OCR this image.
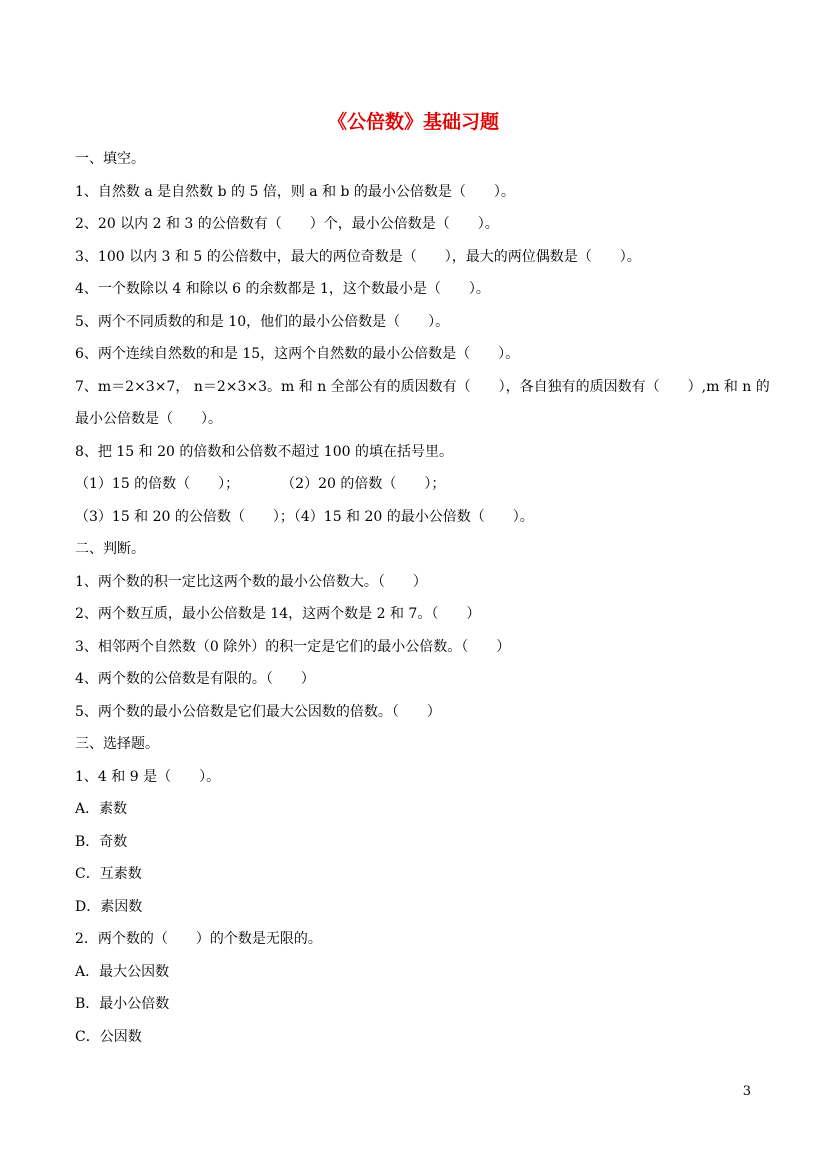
《公倍数》基础习题
一、填空。
1、自然数 a 是自然数 b 的 5 倍，则 a 和 b 的最小公倍数是（　　）。
2、20 以内 2 和 3 的公倍数有（　　）个，最小公倍数是（　　）。
3、100 以内 3 和 5 的公倍数中，最大的两位奇数是（　　），最大的两位偶数是（　　）。
4、一个数除以 4 和除以 6 的余数都是 1，这个数最小是（　　）。
5、两个不同质数的和是 10，他们的最小公倍数是（　　）。
6、两个连续自然数的和是 15，这两个自然数的最小公倍数是（　　）。
7、m＝2×3×7， n＝2×3×3。m 和 n 全部公有的质因数有（　　），各自独有的质因数有（　　）,m 和 n 的
最小公倍数是（　　）。
8、把 15 和 20 的倍数和公倍数不超过 100 的填在括号里。
（1）15 的倍数（　　）；　　　　（2）20 的倍数（　　）；
（3）15 和 20 的公倍数（　　）；（4）15 和 20 的最小公倍数（　　）。
二、判断。
1、两个数的积一定比这两个数的最小公倍数大。（　　）
2、两个数互质，最小公倍数是 14，这两个数是 2 和 7。（　　）
3、相邻两个自然数（0 除外）的积一定是它们的最小公倍数。（　　）
4、两个数的公倍数是有限的。（　　）
5、两个数的最小公倍数是它们最大公因数的倍数。（　　）
三、选择题。
1、4 和 9 是（　　）。
A．素数
B．奇数
C．互素数
D．素因数
2．两个数的（　　）的个数是无限的。
A．最大公因数
B．最小公倍数
C．公因数
3
